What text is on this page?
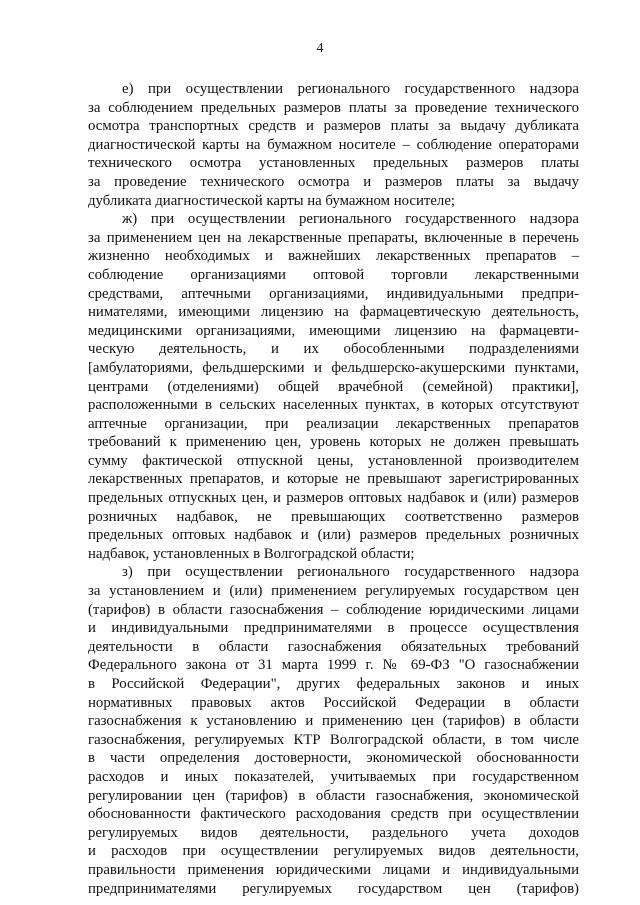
4
е) при осуществлении регионального государственного надзора
за соблюдением предельных размеров платы за проведение технического
осмотра транспортных средств и размеров платы за выдачу дубликата
диагностической карты на бумажном носителе – соблюдение операторами
технического осмотра установленных предельных размеров платы
за проведение технического осмотра и размеров платы за выдачу
дубликата диагностической карты на бумажном носителе;
ж) при осуществлении регионального государственного надзора
за применением цен на лекарственные препараты, включенные в перечень
жизненно необходимых и важнейших лекарственных препаратов –
соблюдение организациями оптовой торговли лекарственными
средствами, аптечными организациями, индивидуальными предпри-
нимателями, имеющими лицензию на фармацевтическую деятельность,
медицинскими организациями, имеющими лицензию на фармацевти-
ческую деятельность, и их обособленными подразделениями
[амбулаториями, фельдшерскими и фельдшерско-акушерскими пунктами,
центрами (отделениями) общей врачебной (семейной) практики],
расположенными в сельских населенных пунктах, в которых отсутствуют
аптечные организации, при реализации лекарственных препаратов
требований к применению цен, уровень которых не должен превышать
сумму фактической отпускной цены, установленной производителем
лекарственных препаратов, и которые не превышают зарегистрированных
предельных отпускных цен, и размеров оптовых надбавок и (или) размеров
розничных надбавок, не превышающих соответственно размеров
предельных оптовых надбавок и (или) размеров предельных розничных
надбавок, установленных в Волгоградской области;
з) при осуществлении регионального государственного надзора
за установлением и (или) применением регулируемых государством цен
(тарифов) в области газоснабжения – соблюдение юридическими лицами
и индивидуальными предпринимателями в процессе осуществления
деятельности в области газоснабжения обязательных требований
Федерального закона от 31 марта 1999 г. № 69-ФЗ "О газоснабжении
в Российской Федерации", других федеральных законов и иных
нормативных правовых актов Российской Федерации в области
газоснабжения к установлению и применению цен (тарифов) в области
газоснабжения, регулируемых КТР Волгоградской области, в том числе
в части определения достоверности, экономической обоснованности
расходов и иных показателей, учитываемых при государственном
регулировании цен (тарифов) в области газоснабжения, экономической
обоснованности фактического расходования средств при осуществлении
регулируемых видов деятельности, раздельного учета доходов
и расходов при осуществлении регулируемых видов деятельности,
правильности применения юридическими лицами и индивидуальными
предпринимателями регулируемых государством цен (тарифов)
